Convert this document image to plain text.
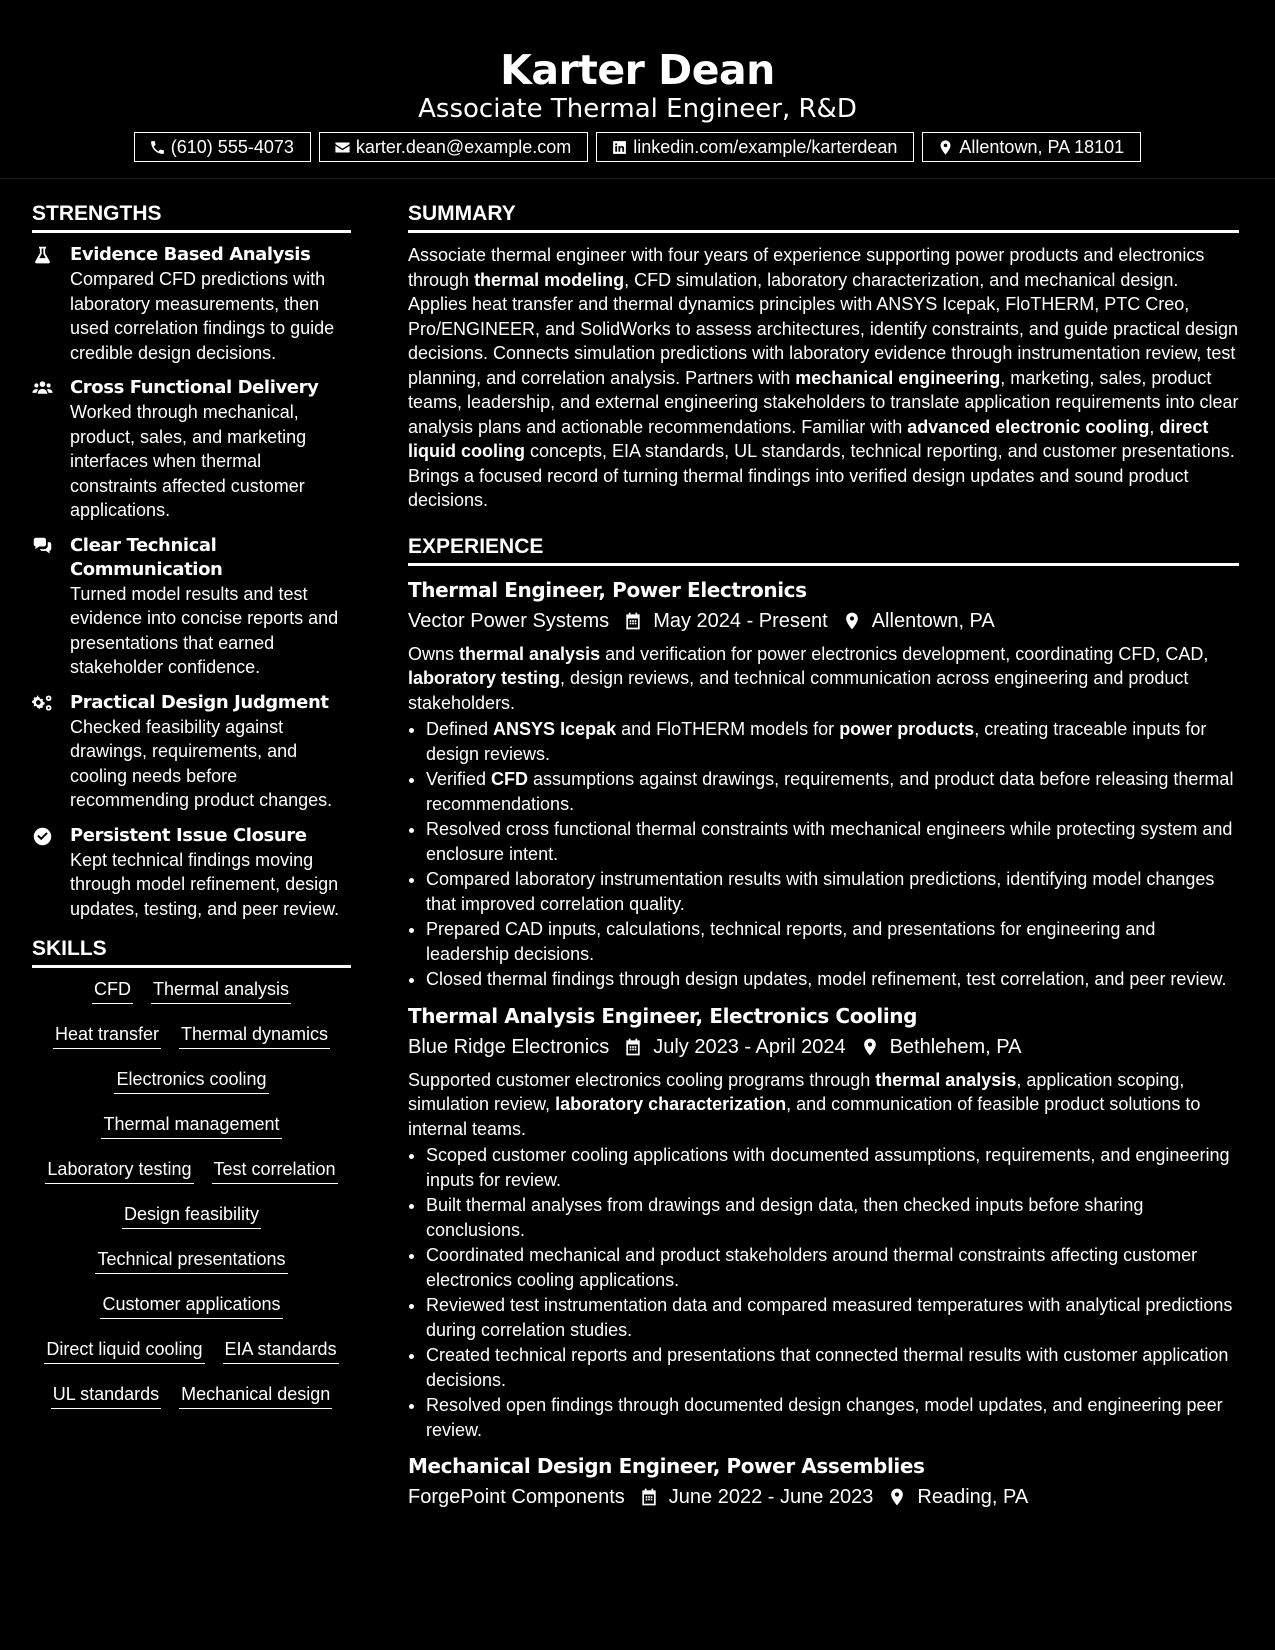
Karter Dean
Associate Thermal Engineer, R&D
(610) 555-4073	karter.dean@example.com	linkedin.com/example/karterdean	Allentown, PA 18101
STRENGTHS
Evidence Based Analysis
Compared CFD predictions with laboratory measurements, then used correlation findings to guide credible design decisions.
Cross Functional Delivery
Worked through mechanical, product, sales, and marketing interfaces when thermal constraints affected customer applications.
Clear Technical Communication
Turned model results and test evidence into concise reports and presentations that earned stakeholder confidence.
Practical Design Judgment
Checked feasibility against drawings, requirements, and cooling needs before recommending product changes.
Persistent Issue Closure
Kept technical findings moving through model refinement, design updates, testing, and peer review.
SKILLS
CFD Thermal analysis
Heat transfer Thermal dynamics
Electronics cooling
Thermal management
Laboratory testing Test correlation
Design feasibility
Technical presentations
Customer applications
Direct liquid cooling EIA standards
UL standards Mechanical design
SUMMARY
Associate thermal engineer with four years of experience supporting power products and electronics through thermal modeling, CFD simulation, laboratory characterization, and mechanical design. Applies heat transfer and thermal dynamics principles with ANSYS Icepak, FloTHERM, PTC Creo, Pro/ENGINEER, and SolidWorks to assess architectures, identify constraints, and guide practical design decisions. Connects simulation predictions with laboratory evidence through instrumentation review, test planning, and correlation analysis. Partners with mechanical engineering, marketing, sales, product teams, leadership, and external engineering stakeholders to translate application requirements into clear analysis plans and actionable recommendations. Familiar with advanced electronic cooling, direct liquid cooling concepts, EIA standards, UL standards, technical reporting, and customer presentations. Brings a focused record of turning thermal findings into verified design updates and sound product decisions.
EXPERIENCE
Thermal Engineer, Power Electronics
Vector Power Systems May 2024 - Present Allentown, PA
Owns thermal analysis and verification for power electronics development, coordinating CFD, CAD, laboratory testing, design reviews, and technical communication across engineering and product stakeholders.
• Defined ANSYS Icepak and FloTHERM models for power products, creating traceable inputs for design reviews.
• Verified CFD assumptions against drawings, requirements, and product data before releasing thermal recommendations.
• Resolved cross functional thermal constraints with mechanical engineers while protecting system and enclosure intent.
• Compared laboratory instrumentation results with simulation predictions, identifying model changes that improved correlation quality.
• Prepared CAD inputs, calculations, technical reports, and presentations for engineering and leadership decisions.
• Closed thermal findings through design updates, model refinement, test correlation, and peer review.
Thermal Analysis Engineer, Electronics Cooling
Blue Ridge Electronics July 2023 - April 2024 Bethlehem, PA
Supported customer electronics cooling programs through thermal analysis, application scoping, simulation review, laboratory characterization, and communication of feasible product solutions to internal teams.
• Scoped customer cooling applications with documented assumptions, requirements, and engineering inputs for review.
• Built thermal analyses from drawings and design data, then checked inputs before sharing conclusions.
• Coordinated mechanical and product stakeholders around thermal constraints affecting customer electronics cooling applications.
• Reviewed test instrumentation data and compared measured temperatures with analytical predictions during correlation studies.
• Created technical reports and presentations that connected thermal results with customer application decisions.
• Resolved open findings through documented design changes, model updates, and engineering peer review.
Mechanical Design Engineer, Power Assemblies
ForgePoint Components June 2022 - June 2023 Reading, PA
